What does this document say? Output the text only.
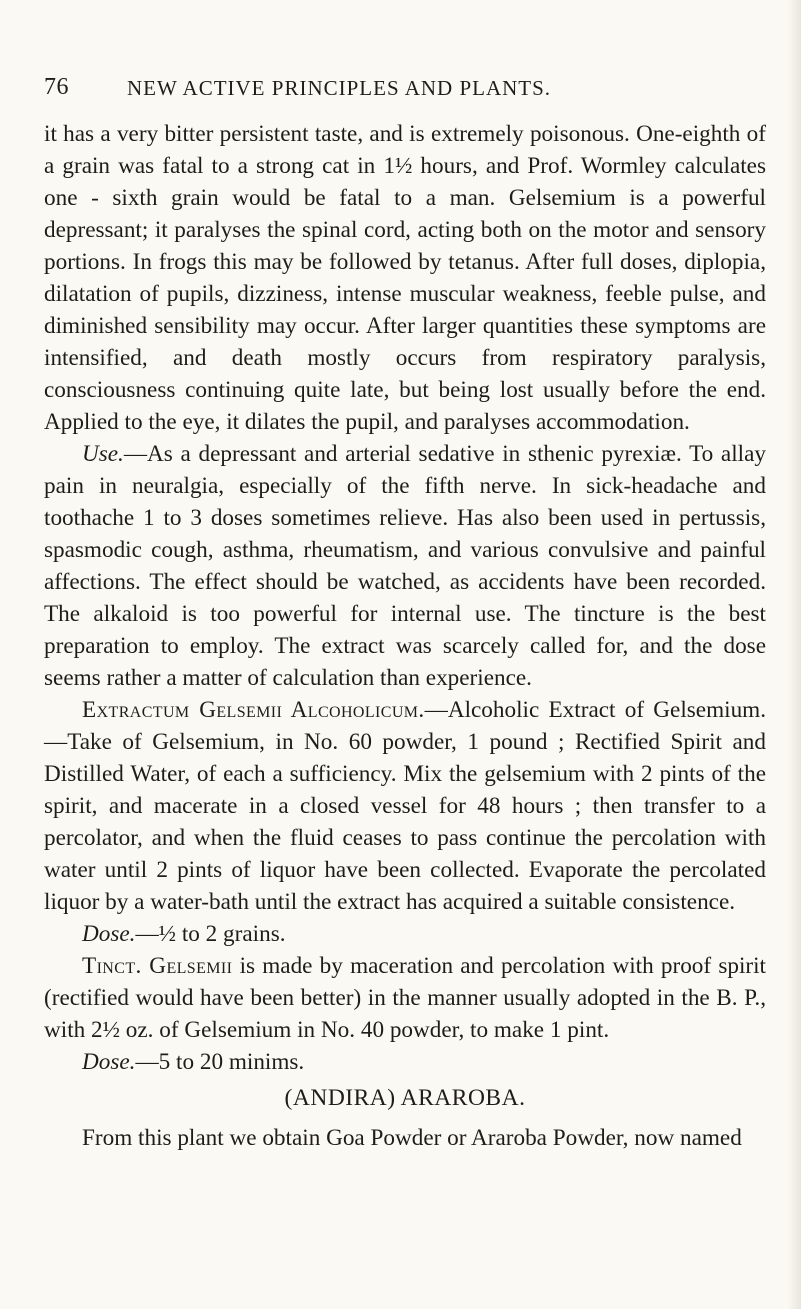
76	NEW ACTIVE PRINCIPLES AND PLANTS.

it has a very bitter persistent taste, and is extremely poisonous. One-eighth of a grain was fatal to a strong cat in 1½ hours, and Prof. Wormley calculates one - sixth grain would be fatal to a man. Gelsemium is a powerful depressant; it paralyses the spinal cord, acting both on the motor and sensory portions. In frogs this may be followed by tetanus. After full doses, diplopia, dilatation of pupils, dizziness, intense muscular weakness, feeble pulse, and diminished sensibility may occur. After larger quantities these symptoms are intensified, and death mostly occurs from respiratory paralysis, consciousness continuing quite late, but being lost usually before the end. Applied to the eye, it dilates the pupil, and paralyses accommodation.

Use.—As a depressant and arterial sedative in sthenic pyrexiæ. To allay pain in neuralgia, especially of the fifth nerve. In sick-headache and toothache 1 to 3 doses sometimes relieve. Has also been used in pertussis, spasmodic cough, asthma, rheumatism, and various convulsive and painful affections. The effect should be watched, as accidents have been recorded. The alkaloid is too powerful for internal use. The tincture is the best preparation to employ. The extract was scarcely called for, and the dose seems rather a matter of calculation than experience.

Extractum Gelsemii Alcoholicum.—Alcoholic Extract of Gelsemium.—Take of Gelsemium, in No. 60 powder, 1 pound ; Rectified Spirit and Distilled Water, of each a sufficiency. Mix the gelsemium with 2 pints of the spirit, and macerate in a closed vessel for 48 hours ; then transfer to a percolator, and when the fluid ceases to pass continue the percolation with water until 2 pints of liquor have been collected. Evaporate the percolated liquor by a water-bath until the extract has acquired a suitable consistence.

Dose.—½ to 2 grains.

Tinct. Gelsemii is made by maceration and percolation with proof spirit (rectified would have been better) in the manner usually adopted in the B. P., with 2½ oz. of Gelsemium in No. 40 powder, to make 1 pint.

Dose.—5 to 20 minims.

(ANDIRA) ARAROBA.

From this plant we obtain Goa Powder or Araroba Powder, now named
